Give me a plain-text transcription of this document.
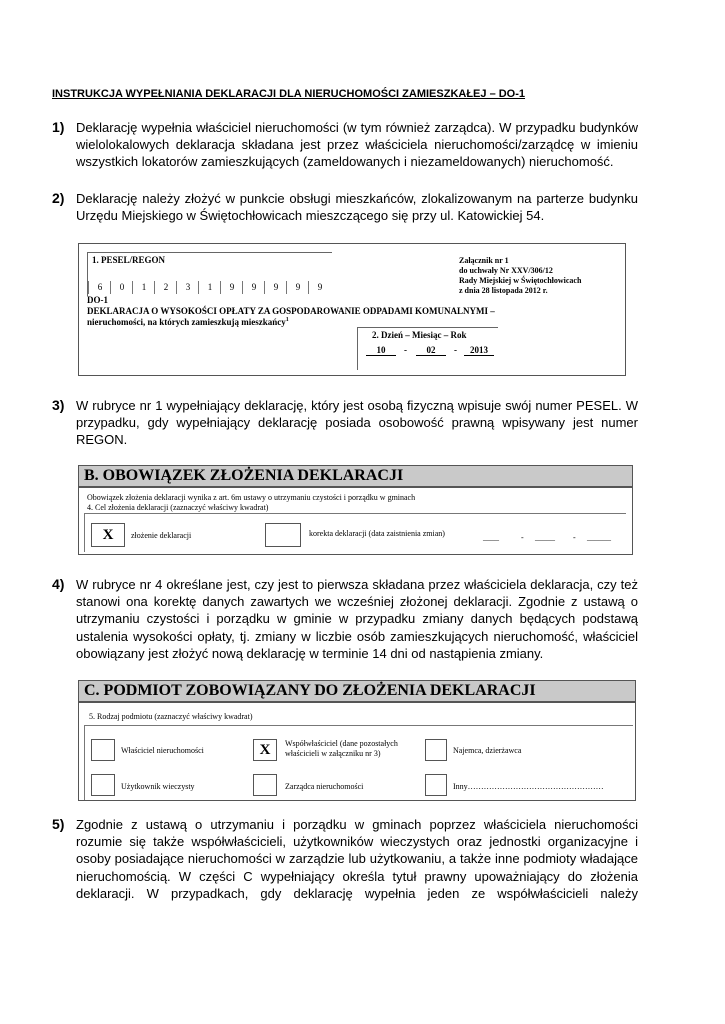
INSTRUKCJA WYPEŁNIANIA DEKLARACJI DLA NIERUCHOMOŚCI ZAMIESZKAŁEJ – DO-1
1) Deklarację wypełnia właściciel nieruchomości (w tym również zarządca). W przypadku budynków wielolokalowych deklaracja składana jest przez właściciela nieruchomości/zarządcę w imieniu wszystkich lokatorów zamieszkujących (zameldowanych i niezameldowanych) nieruchomość.
2) Deklarację należy złożyć w punkcie obsługi mieszkańców, zlokalizowanym na parterze budynku Urzędu Miejskiego w Świętochłowicach mieszczącego się przy ul. Katowickiej 54.
1. PESEL/REGON
6	0	1	2	3	1	9	9	9	9	9
Załącznik nr 1
do uchwały Nr XXV/306/12
Rady Miejskiej w Świętochłowicach
z dnia 28 listopada 2012 r.
DO-1
DEKLARACJA O WYSOKOŚCI OPŁATY ZA GOSPODAROWANIE ODPADAMI KOMUNALNYMI –
nieruchomości, na których zamieszkują mieszkańcy$^1$
2. Dzień – Miesiąc – Rok
10	-	02	-	2013
3) W rubryce nr 1 wypełniający deklarację, który jest osobą fizyczną wpisuje swój numer PESEL. W przypadku, gdy wypełniający deklarację posiada osobowość prawną wpisywany jest numer REGON.
B. OBOWIĄZEK ZŁOŻENIA DEKLARACJI
Obowiązek złożenia deklaracji wynika z art. 6m ustawy o utrzymaniu czystości i porządku w gminach
4. Cel złożenia deklaracji (zaznaczyć właściwy kwadrat)
X	złożenie deklaracji	korekta deklaracji (data zaistnienia zmian)	____	- _____ - ______
4) W rubryce nr 4 określane jest, czy jest to pierwsza składana przez właściciela deklaracja, czy też stanowi ona korektę danych zawartych we wcześniej złożonej deklaracji. Zgodnie z ustawą o utrzymaniu czystości i porządku w gminie w przypadku zmiany danych będących podstawą ustalenia wysokości opłaty, tj. zmiany w liczbie osób zamieszkujących nieruchomość, właściciel obowiązany jest złożyć nową deklarację w terminie 14 dni od nastąpienia zmiany.
C. PODMIOT ZOBOWIĄZANY DO ZŁOŻENIA DEKLARACJI
5. Rodzaj podmiotu (zaznaczyć właściwy kwadrat)
Właściciel nieruchomości	X	Współwłaściciel (dane pozostałych
właścicieli w załączniku nr 3)	Najemca, dzierżawca
Użytkownik wieczysty	Zarządca nieruchomości	Inny……………………………………………
5) Zgodnie z ustawą o utrzymaniu i porządku w gminach poprzez właściciela nieruchomości rozumie się także współwłaścicieli, użytkowników wieczystych oraz jednostki organizacyjne i osoby posiadające nieruchomości w zarządzie lub użytkowaniu, a także inne podmioty władające nieruchomością. W części C wypełniający określa tytuł prawny upoważniający do złożenia deklaracji. W przypadkach, gdy deklarację wypełnia jeden ze współwłaścicieli należy
